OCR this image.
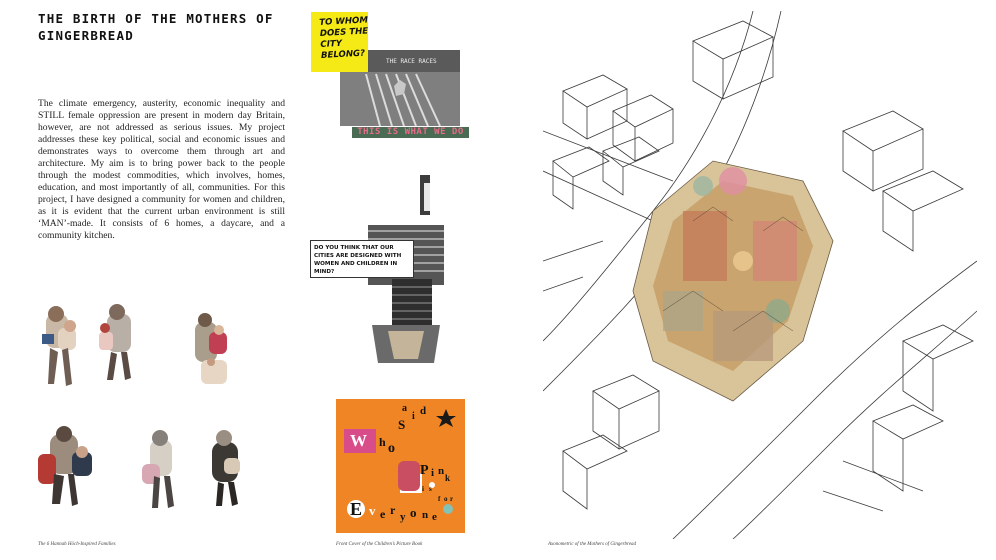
THE BIRTH OF THE MOTHERS OF GINGERBREAD

The climate emergency, austerity, economic inequality and STILL female oppression are present in modern day Britain, however, are not addressed as serious issues. My project addresses these key political, social and economic issues and demonstrates ways to overcome them through art and architecture. My aim is to bring power back to the people through the modest commodities, which involves, homes, education, and most importantly of all, communities. For this project, I have designed a community for women and children, as it is evident that the current urban environment is still ‘MAN’-made. It consists of 6 homes, a daycare, and a community kitchen.

The 6 Hannah Höch-Inspired Families
THE RACE RACES
TO WHOM DOES THE CITY BELONG?
THIS IS WHAT WE DO
DO YOU THINK THAT OUR CITIES ARE DESIGNED WITH WOMEN AND CHILDREN IN MIND?
W h o
S
a
i d
P i n
k
i s
f o r
E v e r y o n e
Front Cover of the Children’s Picture Book	Axonometric of the Mothers of Gingerbread
